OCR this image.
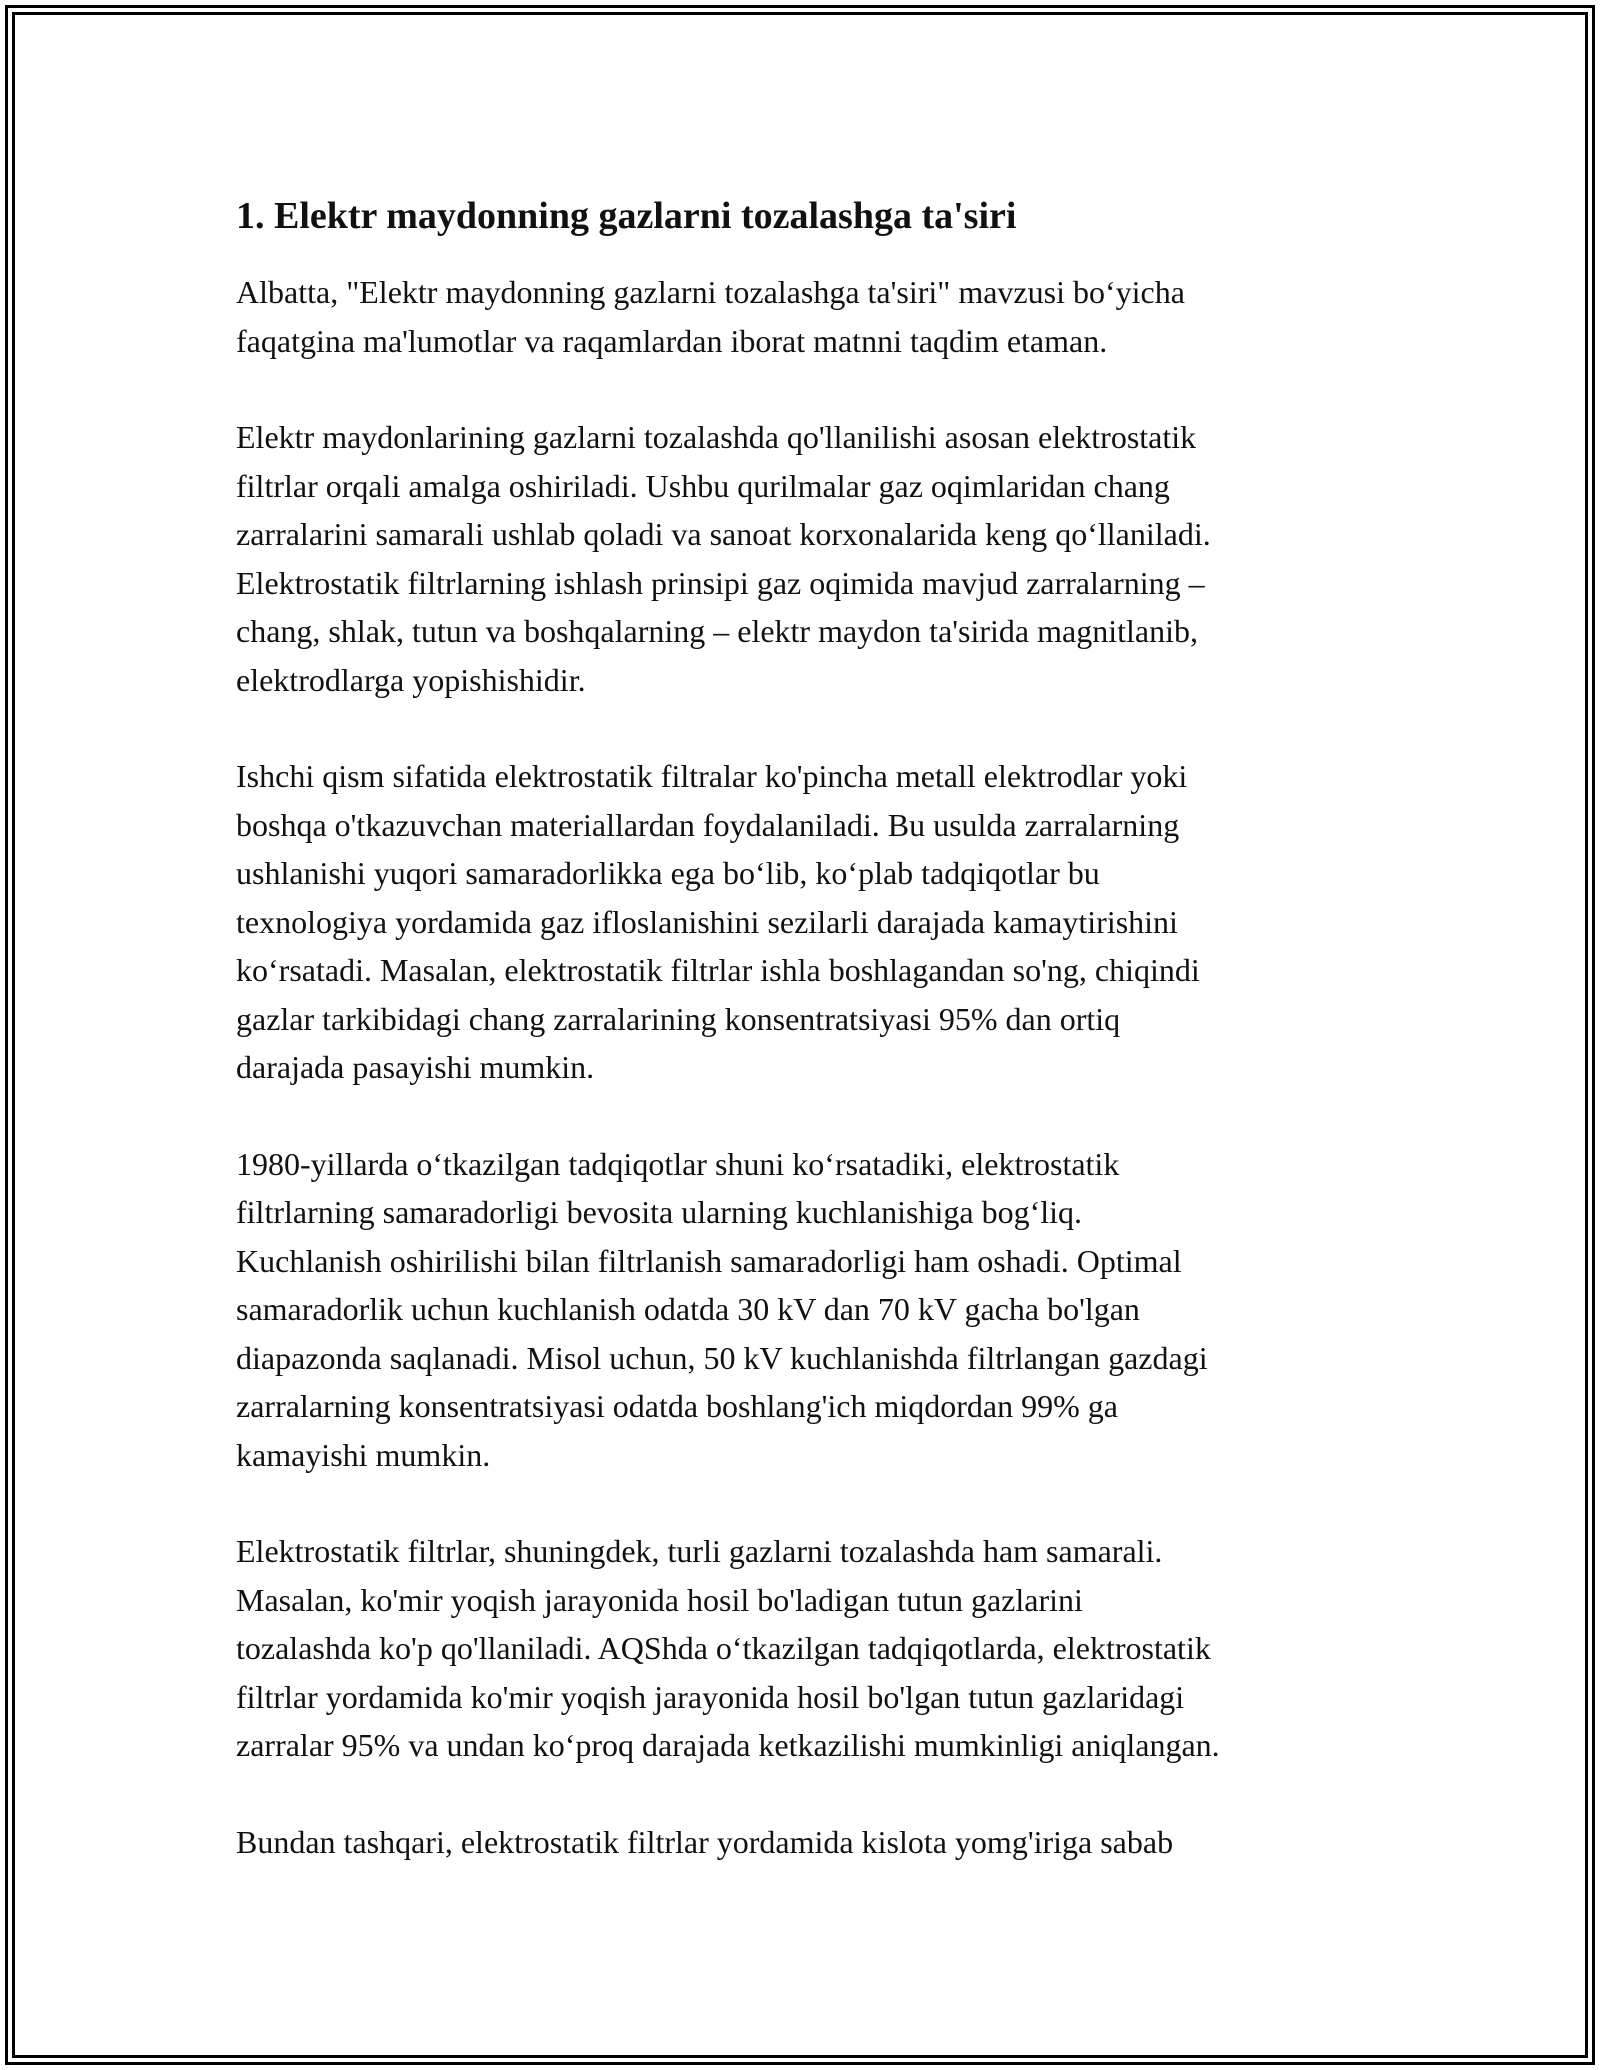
1. Elektr maydonning gazlarni tozalashga ta'siri

Albatta, "Elektr maydonning gazlarni tozalashga ta'siri" mavzusi boʻyicha
faqatgina ma'lumotlar va raqamlardan iborat matnni taqdim etaman.

Elektr maydonlarining gazlarni tozalashda qo'llanilishi asosan elektrostatik
filtrlar orqali amalga oshiriladi. Ushbu qurilmalar gaz oqimlaridan chang
zarralarini samarali ushlab qoladi va sanoat korxonalarida keng qoʻllaniladi.
Elektrostatik filtrlarning ishlash prinsipi gaz oqimida mavjud zarralarning –
chang, shlak, tutun va boshqalarning – elektr maydon ta'sirida magnitlanib,
elektrodlarga yopishishidir.

Ishchi qism sifatida elektrostatik filtralar ko'pincha metall elektrodlar yoki
boshqa o'tkazuvchan materiallardan foydalaniladi. Bu usulda zarralarning
ushlanishi yuqori samaradorlikka ega boʻlib, koʻplab tadqiqotlar bu
texnologiya yordamida gaz ifloslanishini sezilarli darajada kamaytirishini
koʻrsatadi. Masalan, elektrostatik filtrlar ishla boshlagandan so'ng, chiqindi
gazlar tarkibidagi chang zarralarining konsentratsiyasi 95% dan ortiq
darajada pasayishi mumkin.

1980-yillarda oʻtkazilgan tadqiqotlar shuni koʻrsatadiki, elektrostatik
filtrlarning samaradorligi bevosita ularning kuchlanishiga bogʻliq.
Kuchlanish oshirilishi bilan filtrlanish samaradorligi ham oshadi. Optimal
samaradorlik uchun kuchlanish odatda 30 kV dan 70 kV gacha bo'lgan
diapazonda saqlanadi. Misol uchun, 50 kV kuchlanishda filtrlangan gazdagi
zarralarning konsentratsiyasi odatda boshlang'ich miqdordan 99% ga
kamayishi mumkin.

Elektrostatik filtrlar, shuningdek, turli gazlarni tozalashda ham samarali.
Masalan, ko'mir yoqish jarayonida hosil bo'ladigan tutun gazlarini
tozalashda ko'p qo'llaniladi. AQShda oʻtkazilgan tadqiqotlarda, elektrostatik
filtrlar yordamida ko'mir yoqish jarayonida hosil bo'lgan tutun gazlaridagi
zarralar 95% va undan koʻproq darajada ketkazilishi mumkinligi aniqlangan.

Bundan tashqari, elektrostatik filtrlar yordamida kislota yomg'iriga sabab
